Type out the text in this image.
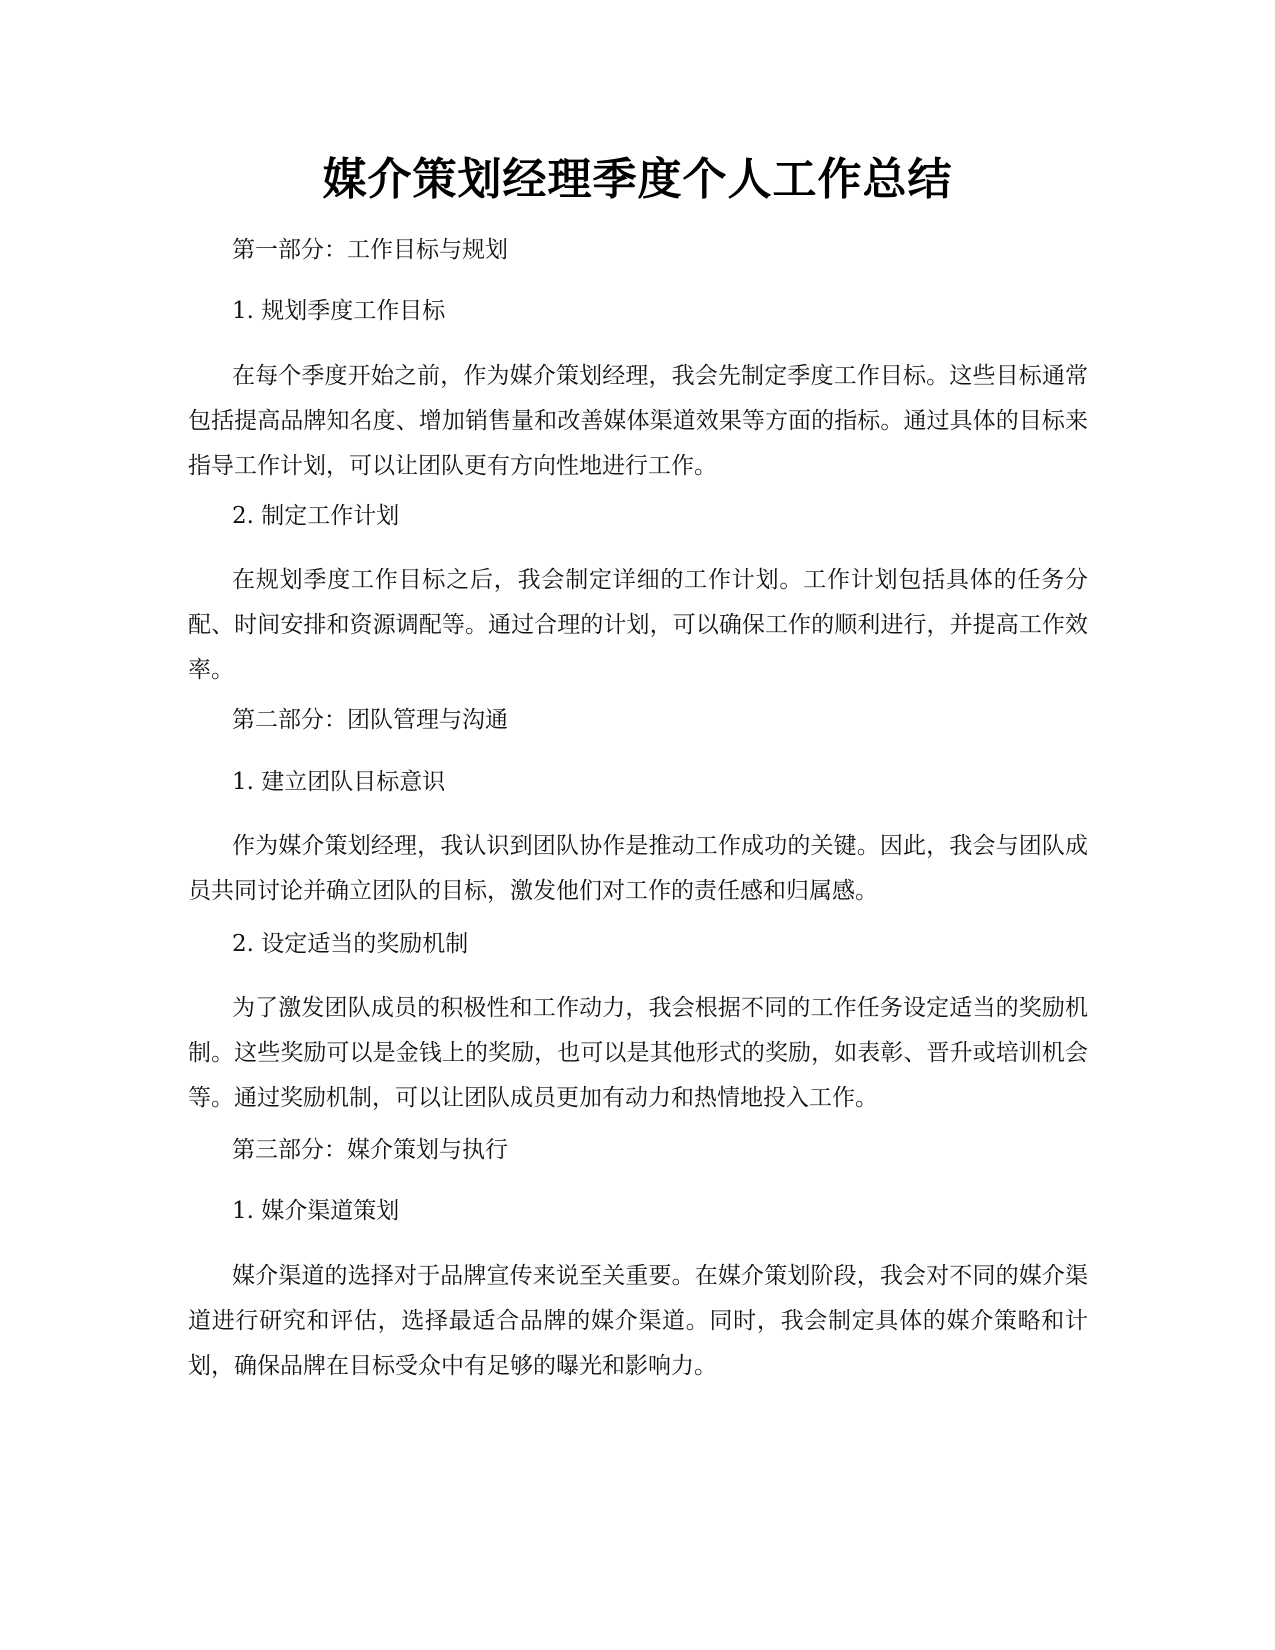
媒介策划经理季度个人工作总结

第一部分：工作目标与规划

1. 规划季度工作目标

在每个季度开始之前，作为媒介策划经理，我会先制定季度工作目标。这些目标通常包括提高品牌知名度、增加销售量和改善媒体渠道效果等方面的指标。通过具体的目标来指导工作计划，可以让团队更有方向性地进行工作。

2. 制定工作计划

在规划季度工作目标之后，我会制定详细的工作计划。工作计划包括具体的任务分配、时间安排和资源调配等。通过合理的计划，可以确保工作的顺利进行，并提高工作效率。

第二部分：团队管理与沟通

1. 建立团队目标意识

作为媒介策划经理，我认识到团队协作是推动工作成功的关键。因此，我会与团队成员共同讨论并确立团队的目标，激发他们对工作的责任感和归属感。

2. 设定适当的奖励机制

为了激发团队成员的积极性和工作动力，我会根据不同的工作任务设定适当的奖励机制。这些奖励可以是金钱上的奖励，也可以是其他形式的奖励，如表彰、晋升或培训机会等。通过奖励机制，可以让团队成员更加有动力和热情地投入工作。

第三部分：媒介策划与执行

1. 媒介渠道策划

媒介渠道的选择对于品牌宣传来说至关重要。在媒介策划阶段，我会对不同的媒介渠道进行研究和评估，选择最适合品牌的媒介渠道。同时，我会制定具体的媒介策略和计划，确保品牌在目标受众中有足够的曝光和影响力。
